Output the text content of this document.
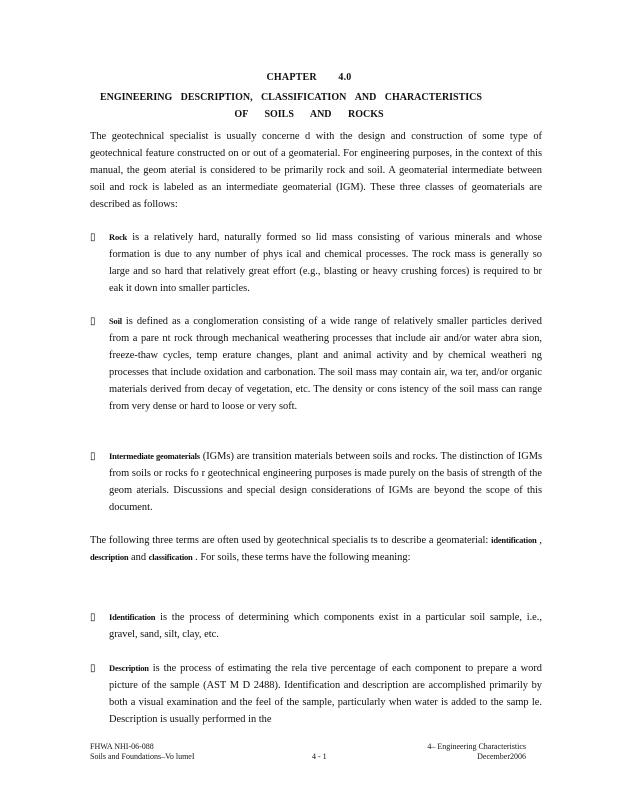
CHAPTER        4.0
ENGINEERING DESCRIPTION, CLASSIFICATION AND CHARACTERISTICS
OF SOILS AND ROCKS

The geotechnical specialist is usually concerne d with the design and construction of some type of geotechnical feature constructed on or out of a geomaterial. For engineering purposes, in the context of this manual, the geom aterial is considered to be primarily rock and soil. A geomaterial intermediate between soil and rock is labeled as an intermediate geomaterial (IGM). These three classes of geomaterials are described as follows:

▯	Rock is a relatively hard, naturally formed so lid mass consisting of various minerals and whose formation is due to any number of phys ical and chemical processes. The rock mass is generally so large and so hard that relatively great effort (e.g., blasting or heavy crushing forces) is required to br eak it down into smaller particles.
▯	Soil is defined as a conglomeration consisting of a wide range of relatively smaller particles derived from a pare nt rock through mechanical weathering processes that include air and/or water abra sion, freeze-thaw cycles, temp erature changes, plant and animal activity and by chemical weatheri ng processes that include oxidation and carbonation. The soil mass may contain air, wa ter, and/or organic materials derived from decay of vegetation, etc. The density or cons istency of the soil mass can range from very dense or hard to loose or very soft.
▯	Intermediate geomaterials (IGMs) are transition materials between soils and rocks. The distinction of IGMs from soils or rocks fo r geotechnical engineering purposes is made purely on the basis of strength of the geom aterials. Discussions and special design considerations of IGMs are beyond the scope of this document.

The following three terms are often used by geotechnical specialis ts to describe a geomaterial: identification , description and classification . For soils, these terms have the following meaning:

▯	Identification is the process of determining which components exist in a particular soil sample, i.e., gravel, sand, silt, clay, etc.
▯	Description is the process of estimating the rela tive percentage of each component to prepare a word picture of the sample (AST M D 2488). Identification and description are accomplished primarily by both a visual examination and the feel of the sample, particularly when water is added to the samp le. Description is usually performed in the
FHWA NHI-06-088
Soils and Foundations–Vo lumeI	4 - 1
4– Engineering Characteristics
December2006
